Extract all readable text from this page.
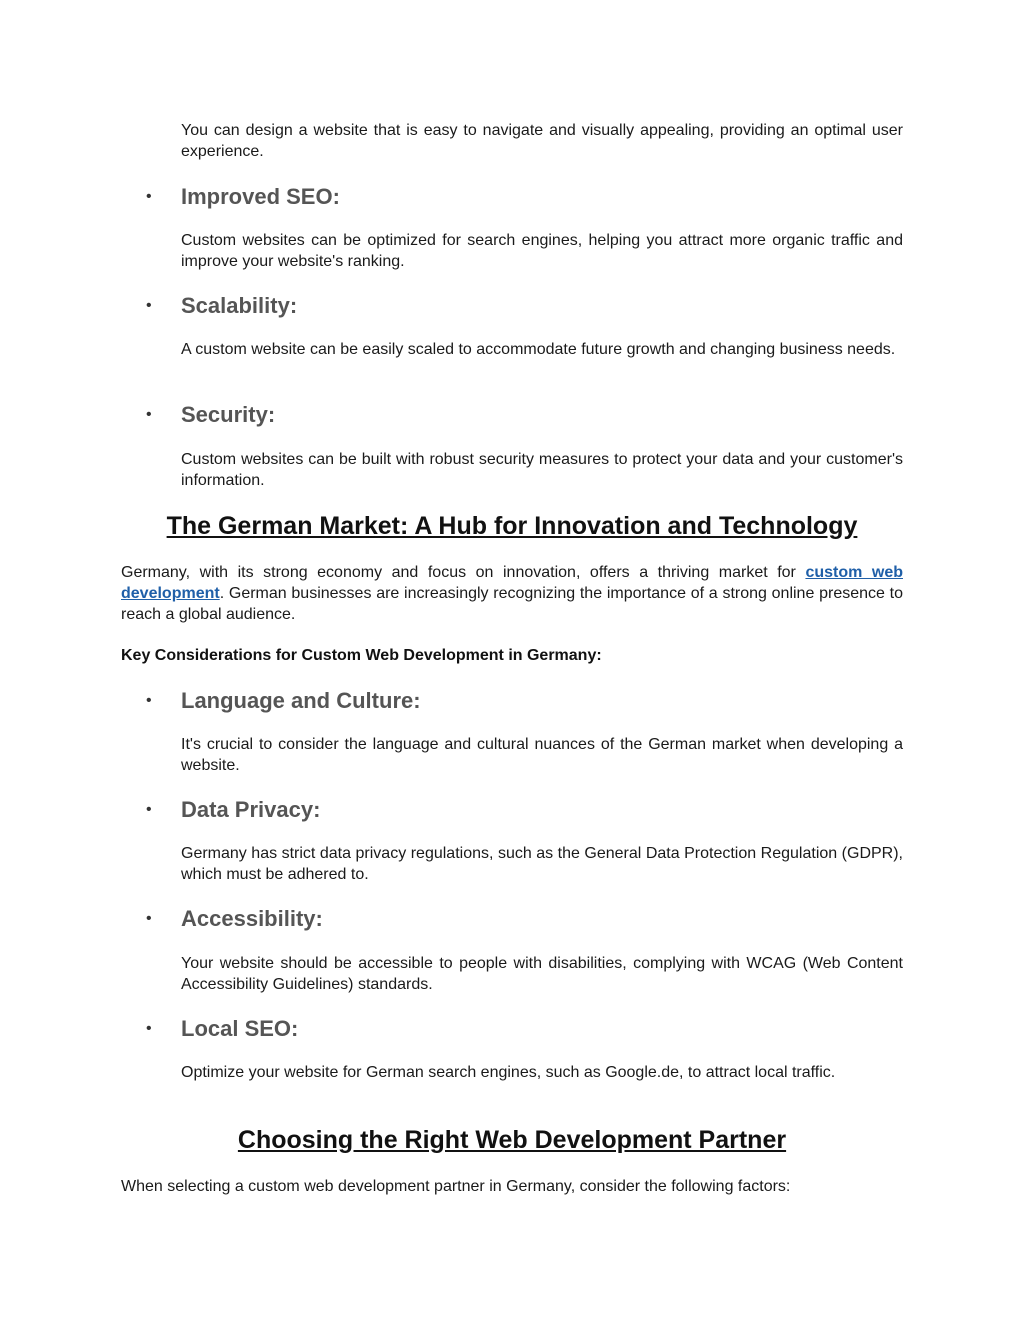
You can design a website that is easy to navigate and visually appealing, providing an optimal user experience.
•	Improved SEO:
Custom websites can be optimized for search engines, helping you attract more organic traffic and improve your website's ranking.
•	Scalability:
A custom website can be easily scaled to accommodate future growth and changing business needs.
•	Security:
Custom websites can be built with robust security measures to protect your data and your customer's information.
The German Market: A Hub for Innovation and Technology
Germany, with its strong economy and focus on innovation, offers a thriving market for custom web development. German businesses are increasingly recognizing the importance of a strong online presence to reach a global audience.
Key Considerations for Custom Web Development in Germany:
•	Language and Culture:
It's crucial to consider the language and cultural nuances of the German market when developing a website.
•	Data Privacy:
Germany has strict data privacy regulations, such as the General Data Protection Regulation (GDPR), which must be adhered to.
•	Accessibility:
Your website should be accessible to people with disabilities, complying with WCAG (Web Content Accessibility Guidelines) standards.
•	Local SEO:
Optimize your website for German search engines, such as Google.de, to attract local traffic.
Choosing the Right Web Development Partner
When selecting a custom web development partner in Germany, consider the following factors:
